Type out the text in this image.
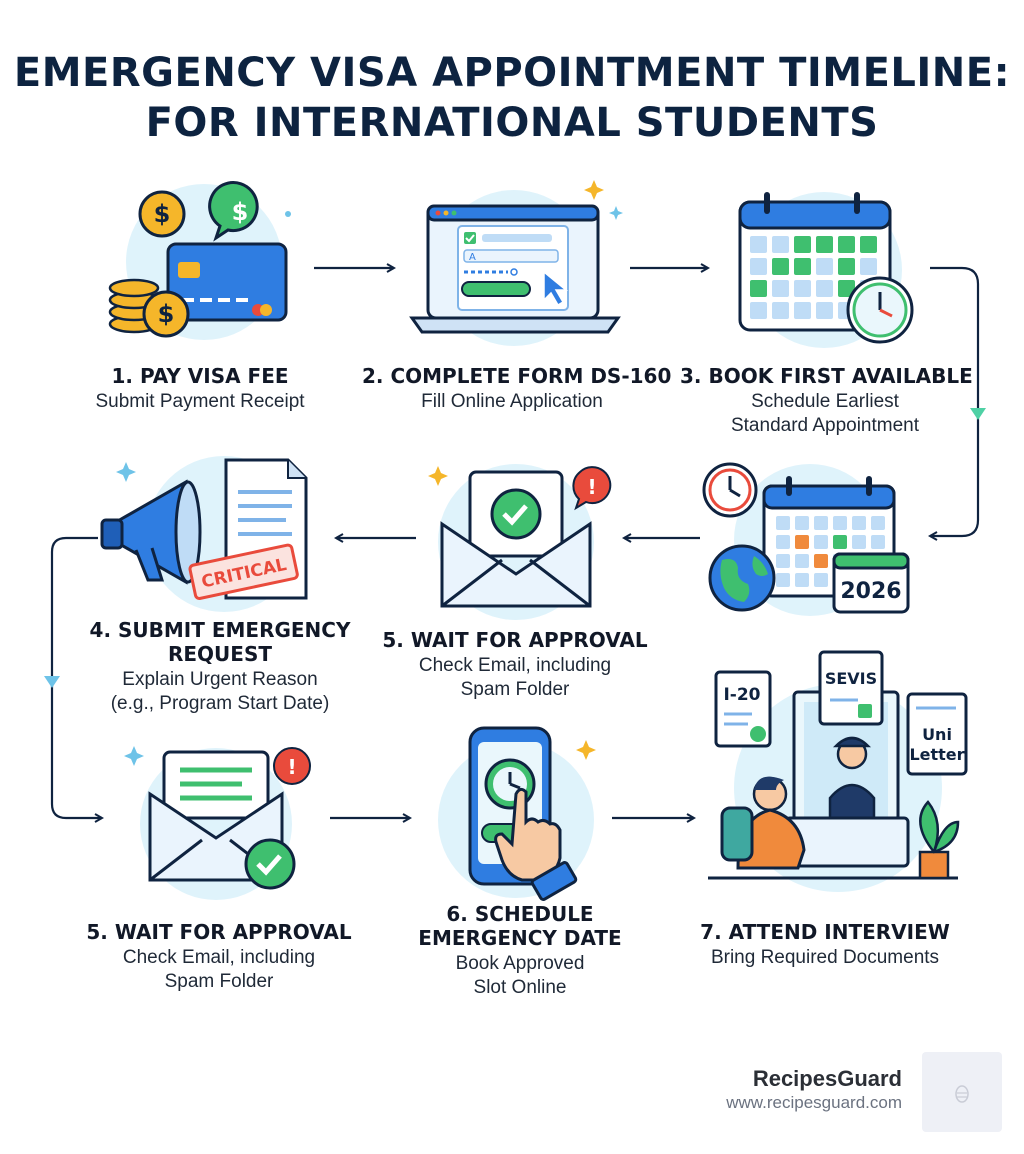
EMERGENCY VISA APPOINTMENT TIMELINE:
FOR INTERNATIONAL STUDENTS
$	$
$
A
CRITICAL
!
2026
!
I-20
SEVIS
Uni
Letter
1. PAY VISA FEE
Submit Payment Receipt
2. COMPLETE FORM DS-160
Fill Online Application
3. BOOK FIRST AVAILABLE
Schedule Earliest
Standard Appointment
5. WAIT FOR APPROVAL
Check Email, including
Spam Folder
4. SUBMIT EMERGENCY
REQUEST
Explain Urgent Reason
(e.g., Program Start Date)
5. WAIT FOR APPROVAL
Check Email, including
Spam Folder
6. SCHEDULE
EMERGENCY DATE
Book Approved
Slot Online
7. ATTEND INTERVIEW
Bring Required Documents
RecipesGuard
www.recipesguard.com
